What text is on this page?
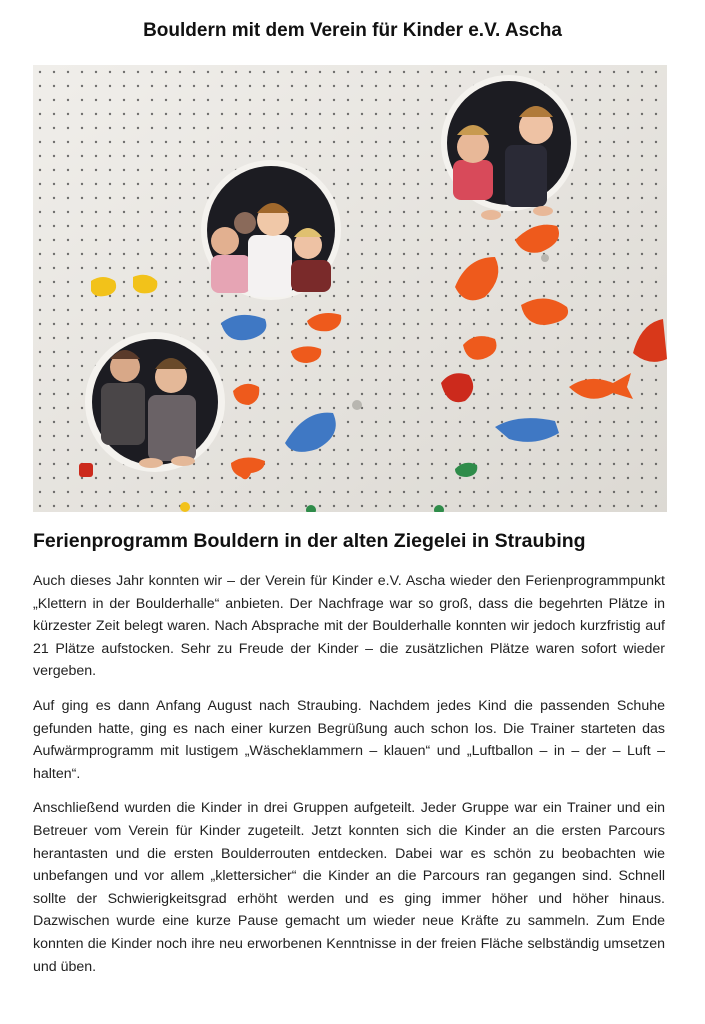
Bouldern mit dem Verein für Kinder e.V. Ascha
Ferienprogramm Bouldern in der alten Ziegelei in Straubing

Auch dieses Jahr konnten wir – der Verein für Kinder e.V. Ascha wieder den Ferienprogrammpunkt „Klettern in der Boulderhalle“ anbieten. Der Nachfrage war so groß, dass die begehrten Plätze in kürzester Zeit belegt waren. Nach Absprache mit der Boulderhalle konnten wir jedoch kurzfristig auf 21 Plätze aufstocken. Sehr zu Freude der Kinder – die zusätzlichen Plätze waren sofort wieder vergeben.

Auf ging es dann Anfang August nach Straubing. Nachdem jedes Kind die passenden Schuhe gefunden hatte, ging es nach einer kurzen Begrüßung auch schon los. Die Trainer starteten das Aufwärmprogramm mit lustigem „Wäscheklammern – klauen“ und „Luftballon – in – der – Luft – halten“.

Anschließend wurden die Kinder in drei Gruppen aufgeteilt. Jeder Gruppe war ein Trainer und ein Betreuer vom Verein für Kinder zugeteilt. Jetzt konnten sich die Kinder an die ersten Parcours herantasten und die ersten Boulderrouten entdecken. Dabei war es schön zu beobachten wie unbefangen und vor allem „klettersicher“ die Kinder an die Parcours ran gegangen sind. Schnell sollte der Schwierigkeitsgrad erhöht werden und es ging immer höher und höher hinaus. Dazwischen wurde eine kurze Pause gemacht um wieder neue Kräfte zu sammeln. Zum Ende konnten die Kinder noch ihre neu erworbenen Kenntnisse in der freien Fläche selbständig umsetzen und üben.
